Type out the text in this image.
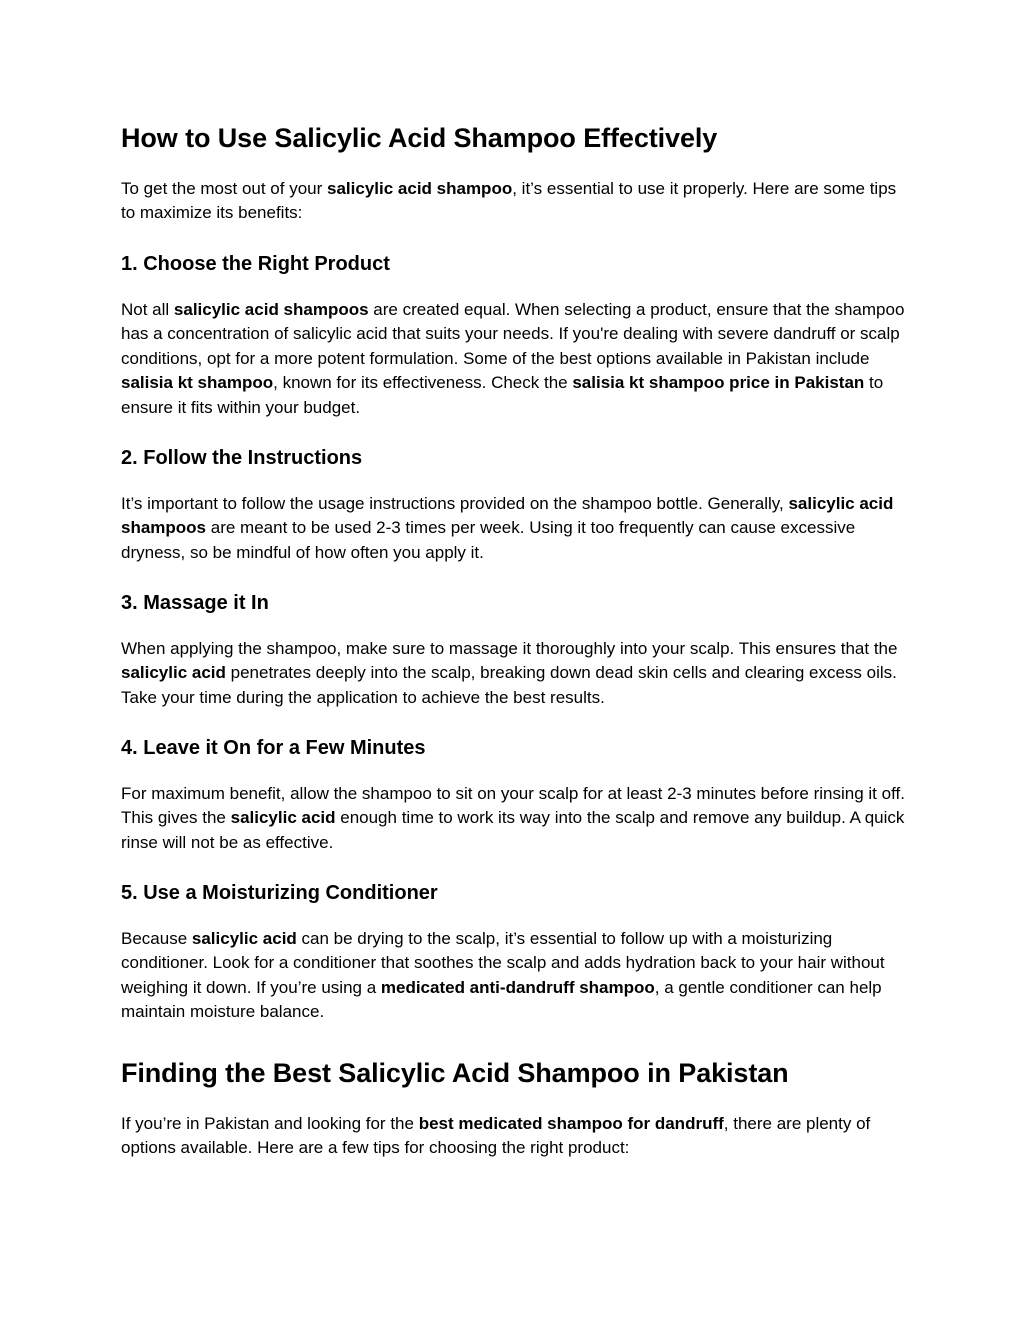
How to Use Salicylic Acid Shampoo Effectively

To get the most out of your salicylic acid shampoo, it’s essential to use it properly. Here are some tips to maximize its benefits:

1. Choose the Right Product

Not all salicylic acid shampoos are created equal. When selecting a product, ensure that the shampoo has a concentration of salicylic acid that suits your needs. If you're dealing with severe dandruff or scalp conditions, opt for a more potent formulation. Some of the best options available in Pakistan include salisia kt shampoo, known for its effectiveness. Check the salisia kt shampoo price in Pakistan to ensure it fits within your budget.

2. Follow the Instructions

It’s important to follow the usage instructions provided on the shampoo bottle. Generally, salicylic acid shampoos are meant to be used 2-3 times per week. Using it too frequently can cause excessive dryness, so be mindful of how often you apply it.

3. Massage it In

When applying the shampoo, make sure to massage it thoroughly into your scalp. This ensures that the salicylic acid penetrates deeply into the scalp, breaking down dead skin cells and clearing excess oils. Take your time during the application to achieve the best results.

4. Leave it On for a Few Minutes

For maximum benefit, allow the shampoo to sit on your scalp for at least 2-3 minutes before rinsing it off. This gives the salicylic acid enough time to work its way into the scalp and remove any buildup. A quick rinse will not be as effective.

5. Use a Moisturizing Conditioner

Because salicylic acid can be drying to the scalp, it’s essential to follow up with a moisturizing conditioner. Look for a conditioner that soothes the scalp and adds hydration back to your hair without weighing it down. If you’re using a medicated anti-dandruff shampoo, a gentle conditioner can help maintain moisture balance.

Finding the Best Salicylic Acid Shampoo in Pakistan

If you’re in Pakistan and looking for the best medicated shampoo for dandruff, there are plenty of options available. Here are a few tips for choosing the right product:
